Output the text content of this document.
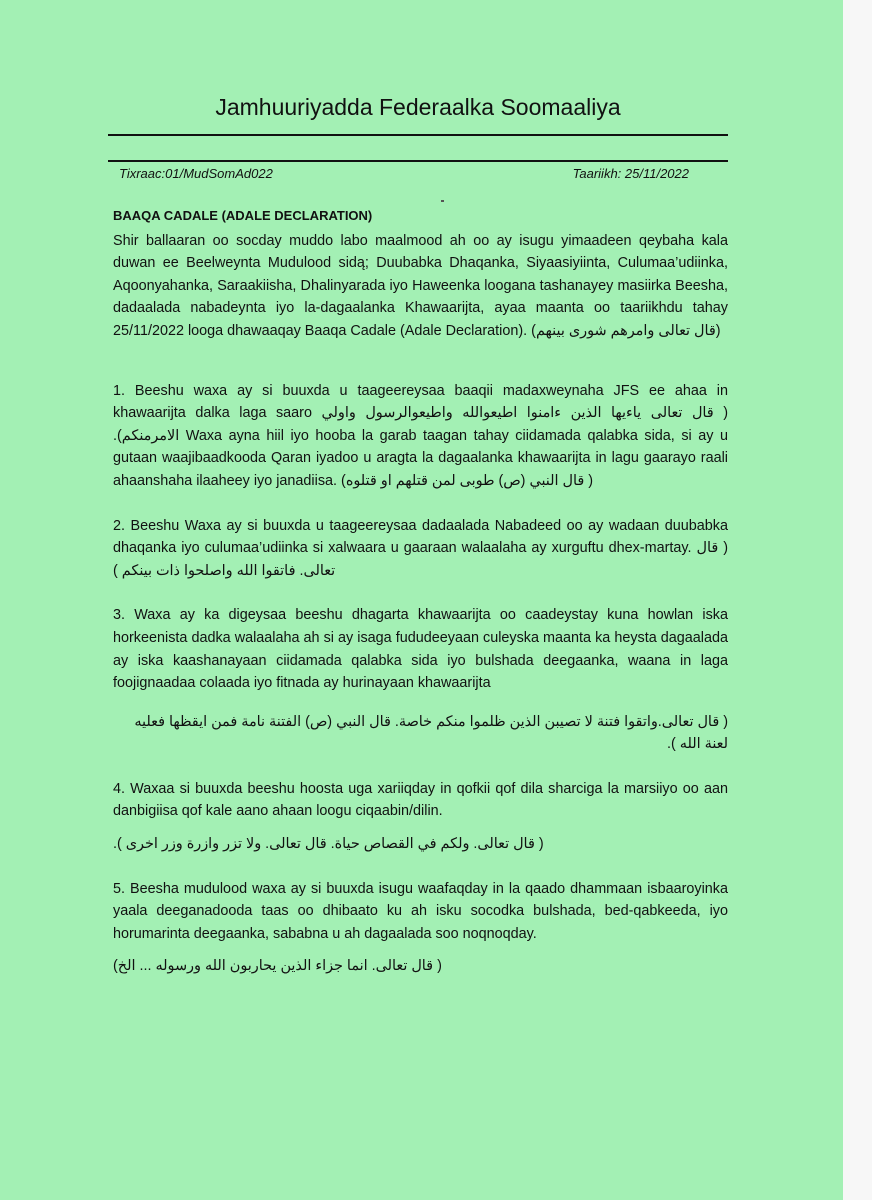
Jamhuuriyadda Federaalka Soomaaliya
Tixraac:01/MudSomAd022	Taariikh: 25/11/2022
BAAQA CADALE (ADALE DECLARATION)

Shir ballaaran oo socday muddo labo maalmood ah oo ay isugu yimaadeen qeybaha kala duwan ee Beelweynta Mudulood sidą; Duubabka Dhaqanka, Siyaasiyiinta, Culumaa’udiinka, Aqoonyahanka, Saraakiisha, Dhalinyarada iyo Haweenka loogana tashanayey masiirka Beesha, dadaalada nabadeynta iyo la-dagaalanka Khawaarijta, ayaa maanta oo taariikhdu tahay 25/11/2022 looga dhawaaqay Baaqa Cadale (Adale Declaration). (قال تعالى وامرهم شورى بينهم)

1. Beeshu waxa ay si buuxda u taageereysaa baaqii madaxweynaha JFS ee ahaa in khawaarijta dalka laga saaro ( قال تعالى ياءيها الذين ءامنوا اطيعوالله واطيعوالرسول واولي الامرمنكم). Waxa ayna hiil iyo hooba la garab taagan tahay ciidamada qalabka sida, si ay u gutaan waajibaadkooda Qaran iyadoo u aragta la dagaalanka khawaarijta in lagu gaarayo raali ahaanshaha ilaaheey iyo janadiisa. ( قال النبي (ص) طوبى لمن قتلهم او قتلوه)

2. Beeshu Waxa ay si buuxda u taageereysaa dadaalada Nabadeed oo ay wadaan duubabka dhaqanka iyo culumaa’udiinka si xalwaara u gaaraan walaalaha ay xurguftu dhex-martay. ( قال تعالى. فاتقوا الله واصلحوا ذات بينكم )

3. Waxa ay ka digeysaa beeshu dhagarta khawaarijta oo caadeystay kuna howlan iska horkeenista dadka walaalaha ah si ay isaga fududeeyaan culeyska maanta ka heysta dagaalada ay iska kaashanayaan ciidamada qalabka sida iyo bulshada deegaanka, waana in laga foojignaadaa colaada iyo fitnada ay hurinayaan khawaarijta

( قال تعالى.واتقوا فتنة لا تصيبن الذين ظلموا منكم خاصة. قال النبي (ص) الفتنة نامة فمن ايقظها فعليه لعنة الله ).

4. Waxaa si buuxda beeshu hoosta uga xariiqday in qofkii qof dila sharciga la marsiiyo oo aan danbigiisa qof kale aano ahaan loogu ciqaabin/dilin.

( قال تعالى. ولكم في القصاص حياة. قال تعالى. ولا تزر وازرة وزر اخرى ).

5. Beesha mudulood waxa ay si buuxda isugu waafaqday in la qaado dhammaan isbaaroyinka yaala deeganadooda taas oo dhibaato ku ah isku socodka bulshada, bed-qabkeeda, iyo horumarinta deegaanka, sababna u ah dagaalada soo noqnoqday.

( قال تعالى. انما جزاء الذين يحاربون الله ورسوله ... الخ)
